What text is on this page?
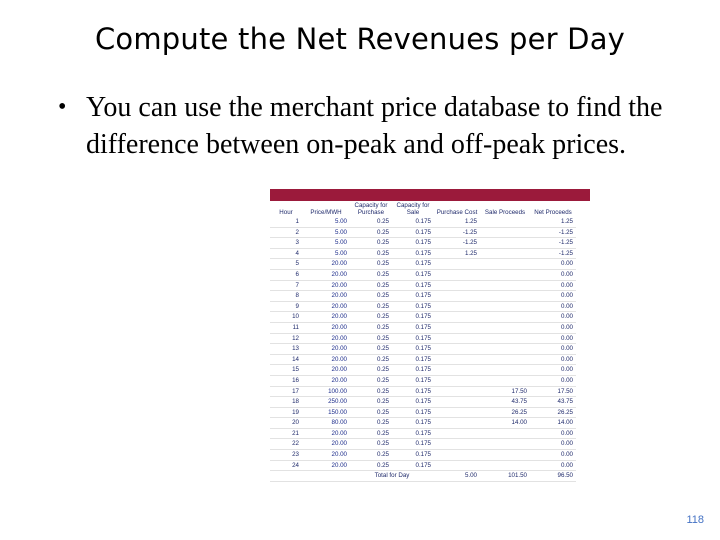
Compute the Net Revenues per Day
• You can use the merchant price database to find the difference between on-peak and off-peak prices.
Hour	Price/MWH	Capacity for Purchase	Capacity for Sale	Purchase Cost	Sale Proceeds	Net Proceeds
1	5.00	0.25	0.175	1.25		1.25
2	5.00	0.25	0.175	-1.25		-1.25
3	5.00	0.25	0.175	-1.25		-1.25
4	5.00	0.25	0.175	1.25		-1.25
5	20.00	0.25	0.175			0.00
6	20.00	0.25	0.175			0.00
7	20.00	0.25	0.175			0.00
8	20.00	0.25	0.175			0.00
9	20.00	0.25	0.175			0.00
10	20.00	0.25	0.175			0.00
11	20.00	0.25	0.175			0.00
12	20.00	0.25	0.175			0.00
13	20.00	0.25	0.175			0.00
14	20.00	0.25	0.175			0.00
15	20.00	0.25	0.175			0.00
16	20.00	0.25	0.175			0.00
17	100.00	0.25	0.175		17.50	17.50
18	250.00	0.25	0.175		43.75	43.75
19	150.00	0.25	0.175		26.25	26.25
20	80.00	0.25	0.175		14.00	14.00
21	20.00	0.25	0.175			0.00
22	20.00	0.25	0.175			0.00
23	20.00	0.25	0.175			0.00
24	20.00	0.25	0.175			0.00
		Total for Day		5.00	101.50	96.50
118
